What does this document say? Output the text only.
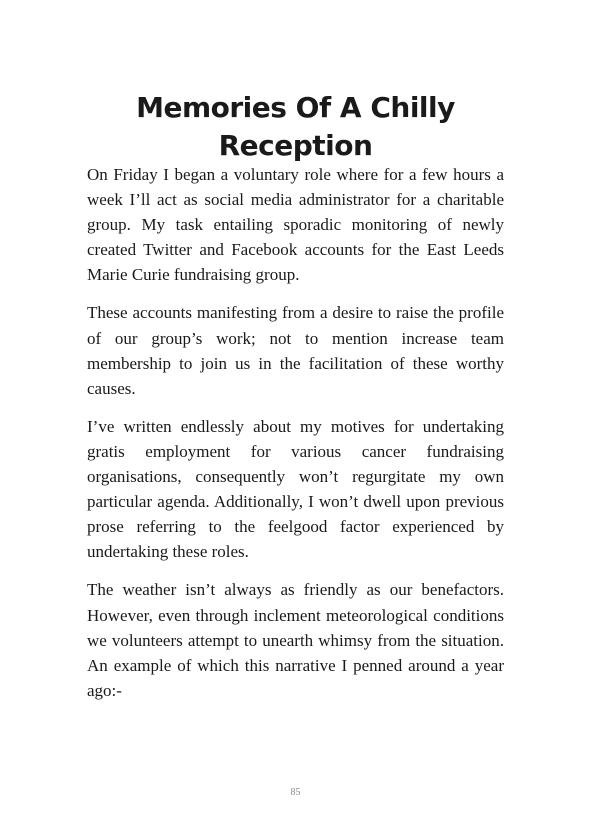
Memories Of A Chilly
Reception

On Friday I began a voluntary role where for a few hours a week I’ll act as social media administrator for a charitable group. My task entailing sporadic monitoring of newly created Twitter and Facebook accounts for the East Leeds Marie Curie fundraising group.

These accounts manifesting from a desire to raise the profile of our group’s work; not to mention increase team membership to join us in the facilitation of these worthy causes.

I’ve written endlessly about my motives for undertaking gratis employment for various cancer fundraising organisations, consequently won’t regurgitate my own particular agenda. Additionally, I won’t dwell upon previous prose referring to the feelgood factor experienced by undertaking these roles.

The weather isn’t always as friendly as our benefactors. However, even through inclement meteorological conditions we volunteers attempt to unearth whimsy from the situation. An example of which this narrative I penned around a year ago:-

85
